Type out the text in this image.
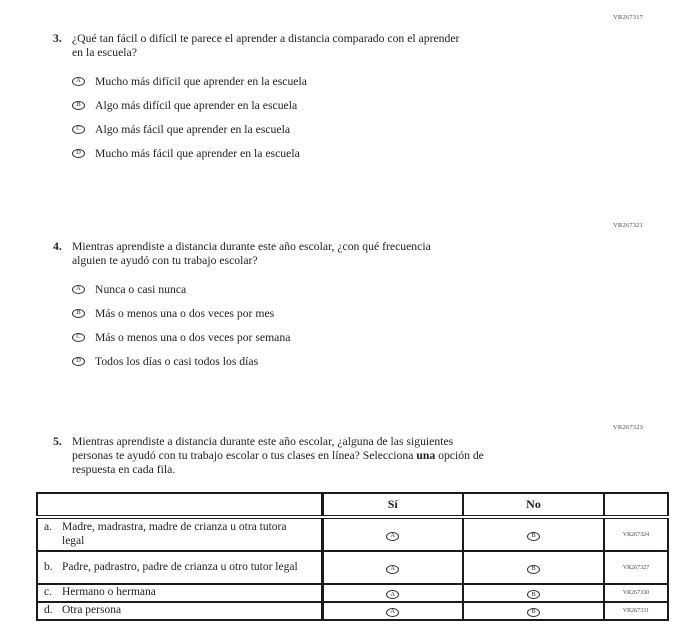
VR267317
VR267321
VR267323
3. ¿Qué tan fácil o difícil te parece el aprender a distancia comparado con el aprender
en la escuela?
A	Mucho más difícil que aprender en la escuela
B	Algo más difícil que aprender en la escuela
C	Algo más fácil que aprender en la escuela
D	Mucho más fácil que aprender en la escuela
4. Mientras aprendiste a distancia durante este año escolar, ¿con qué frecuencia
alguien te ayudó con tu trabajo escolar?
A	Nunca o casi nunca
B	Más o menos una o dos veces por mes
C	Más o menos una o dos veces por semana
D	Todos los días o casi todos los días
5. Mientras aprendiste a distancia durante este año escolar, ¿alguna de las siguientes
personas te ayudó con tu trabajo escolar o tus clases en línea? Selecciona una opción de
respuesta en cada fila.
	Sí	No	

a. Madre, madrastra, madre de crianza u otra tutora legal	A	B	VR267324

b. Padre, padrastro, padre de crianza u otro tutor legal	A	B	VR267327

c. Hermano o hermana	A	B	VR267330

d. Otra persona	A	B	VR267331
